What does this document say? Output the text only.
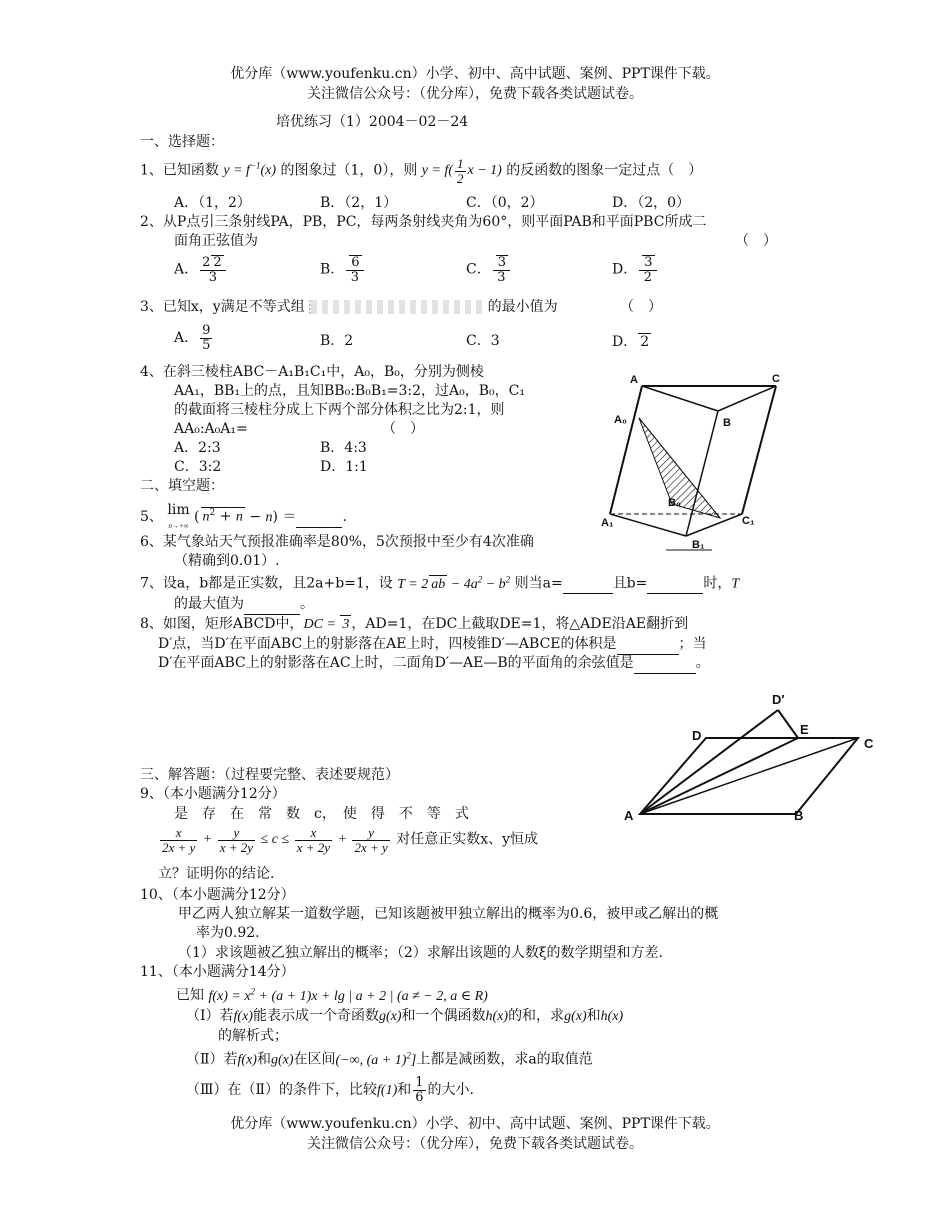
优分库（www.youfenku.cn）小学、初中、高中试题、案例、PPT课件下载。
关注微信公众号：（优分库），免费下载各类试题试卷。
培优练习（1）2004－02－24
一、选择题：
1、已知函数 $y = f^{-1}(x)$ 的图象过（1，0），则 $y = f( \frac{1}{2}$ x − 1) 的反函数的图象一定过点（　）
A．（1，2）	B．（2，1）	C．（0，2）	D．（2，0）
2、从P点引三条射线PA，PB，PC，每两条射线夹角为60°，则平面PAB和平面PBC所成二
面角正弦值为	（　）
A． $\frac{2 2}{3}$	B． $\frac{6}{3}$	C． $\frac{3}{3}$	D． $\frac{3}{2}$
3、已知x，y满足不等式组	的最小值为	（　）
A． $\frac{9}{5}$	B．2	C．3	D． 2
4、在斜三棱柱ABC－A₁B₁C₁中，A₀，B₀，分别为侧棱
AA₁，BB₁上的点，且知BB₀:B₀B₁=3:2，过A₀，B₀，C₁
的截面将三棱柱分成上下两个部分体积之比为2:1，则
AA₀:A₀A₁=	（　）
A．2:3	B．4:3
C．3:2	D．1:1
A	C
A₀	B
B₀
C₁
A₁
B₁
二、填空题：
5、 lim
n→+∞ ( $n^2 + n - n$) ＝	.
6、某气象站天气预报准确率是80%，5次预报中至少有4次准确
（精确到0.01）.
7、设a，b都是正实数，且2a+b=1，设 T = 2 ab − $4a^2 - b^2$ 则当a=	且b=	时，T
的最大值为	。
8、如图，矩形ABCD中，DC = 3 ，AD=1，在DC上截取DE=1，将△ADE沿AE翻折到
D′点，当D′在平面ABC上的射影落在AE上时，四棱锥D′—ABCE的体积是	；当
D′在平面ABC上的射影落在AC上时，二面角D′—AE—B的平面角的余弦值是	。
D′
D	E
C
A	B
三、解答题：（过程要完整、表述要规范）
9、（本小题满分12分）
是　存　在　常　数　c，　使　得　不　等　式
$\frac{x}{2x + y} + \frac{y}{x + 2y} \le c \le \frac{x}{x + 2y} + \frac{y}{2x + y}$ 对任意正实数x、y恒成
立？证明你的结论.
10、（本小题满分12分）
甲乙两人独立解某一道数学题，已知该题被甲独立解出的概率为0.6，被甲或乙解出的概
率为0.92.
（1）求该题被乙独立解出的概率；（2）求解出该题的人数ξ的数学期望和方差.
11、（本小题满分14分）
已知 $f(x) = x^2 + (a + 1)x + \lg$ | a + 2 | (a ≠ − 2, a ∈ R)
（Ⅰ）若f(x)能表示成一个奇函数g(x)和一个偶函数h(x)的和，求g(x)和h(x)
的解析式；
（Ⅱ）若f(x)和g(x)在区间(−∞, $(a + 1)^2$]上都是减函数，求a的取值范
（Ⅲ）在（Ⅱ）的条件下，比较f(1)和 $\frac{1}{6}$ 的大小.
优分库（www.youfenku.cn）小学、初中、高中试题、案例、PPT课件下载。
关注微信公众号：（优分库），免费下载各类试题试卷。
